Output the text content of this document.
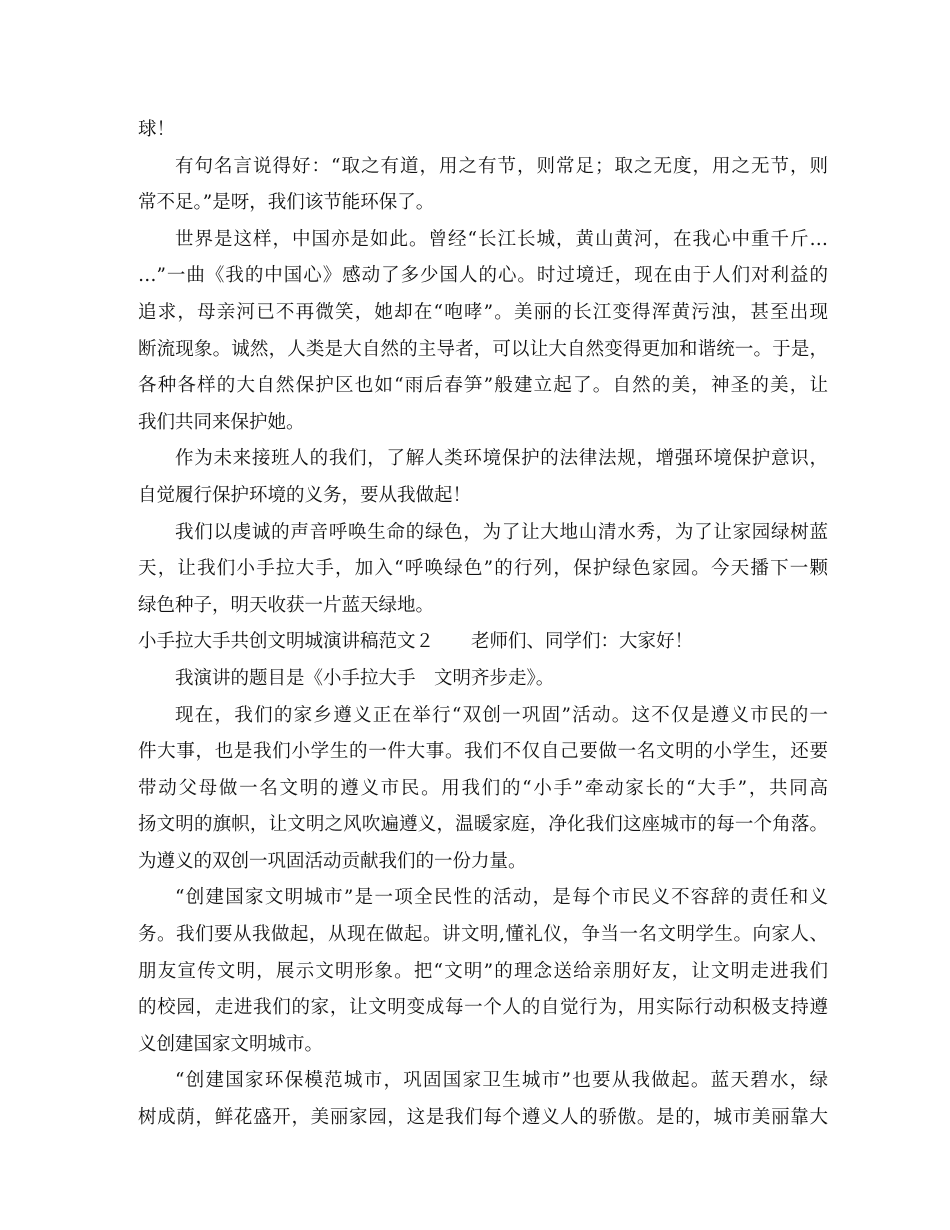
球！
有句名言说得好：“取之有道，用之有节，则常足；取之无度，用之无节，则
常不足。”是呀，我们该节能环保了。
世界是这样，中国亦是如此。曾经“长江长城，黄山黄河，在我心中重千斤…
…”一曲《我的中国心》感动了多少国人的心。时过境迁，现在由于人们对利益的
追求，母亲河已不再微笑，她却在“咆哮”。美丽的长江变得浑黄污浊，甚至出现
断流现象。诚然，人类是大自然的主导者，可以让大自然变得更加和谐统一。于是，
各种各样的大自然保护区也如“雨后春笋”般建立起了。自然的美，神圣的美，让
我们共同来保护她。
作为未来接班人的我们，了解人类环境保护的法律法规，增强环境保护意识，
自觉履行保护环境的义务，要从我做起！
我们以虔诚的声音呼唤生命的绿色，为了让大地山清水秀，为了让家园绿树蓝
天，让我们小手拉大手，加入“呼唤绿色”的行列，保护绿色家园。今天播下一颗
绿色种子，明天收获一片蓝天绿地。
小手拉大手共创文明城演讲稿范文２　　老师们、同学们：大家好！
我演讲的题目是《小手拉大手　文明齐步走》。
现在，我们的家乡遵义正在举行“双创一巩固”活动。这不仅是遵义市民的一
件大事，也是我们小学生的一件大事。我们不仅自己要做一名文明的小学生，还要
带动父母做一名文明的遵义市民。用我们的“小手”牵动家长的“大手”，共同高
扬文明的旗帜，让文明之风吹遍遵义，温暖家庭，净化我们这座城市的每一个角落。
为遵义的双创一巩固活动贡献我们的一份力量。
“创建国家文明城市”是一项全民性的活动，是每个市民义不容辞的责任和义
务。我们要从我做起，从现在做起。讲文明,懂礼仪，争当一名文明学生。向家人、
朋友宣传文明，展示文明形象。把“文明”的理念送给亲朋好友，让文明走进我们
的校园，走进我们的家，让文明变成每一个人的自觉行为，用实际行动积极支持遵
义创建国家文明城市。
“创建国家环保模范城市，巩固国家卫生城市”也要从我做起。蓝天碧水，绿
树成荫，鲜花盛开，美丽家园，这是我们每个遵义人的骄傲。是的，城市美丽靠大
